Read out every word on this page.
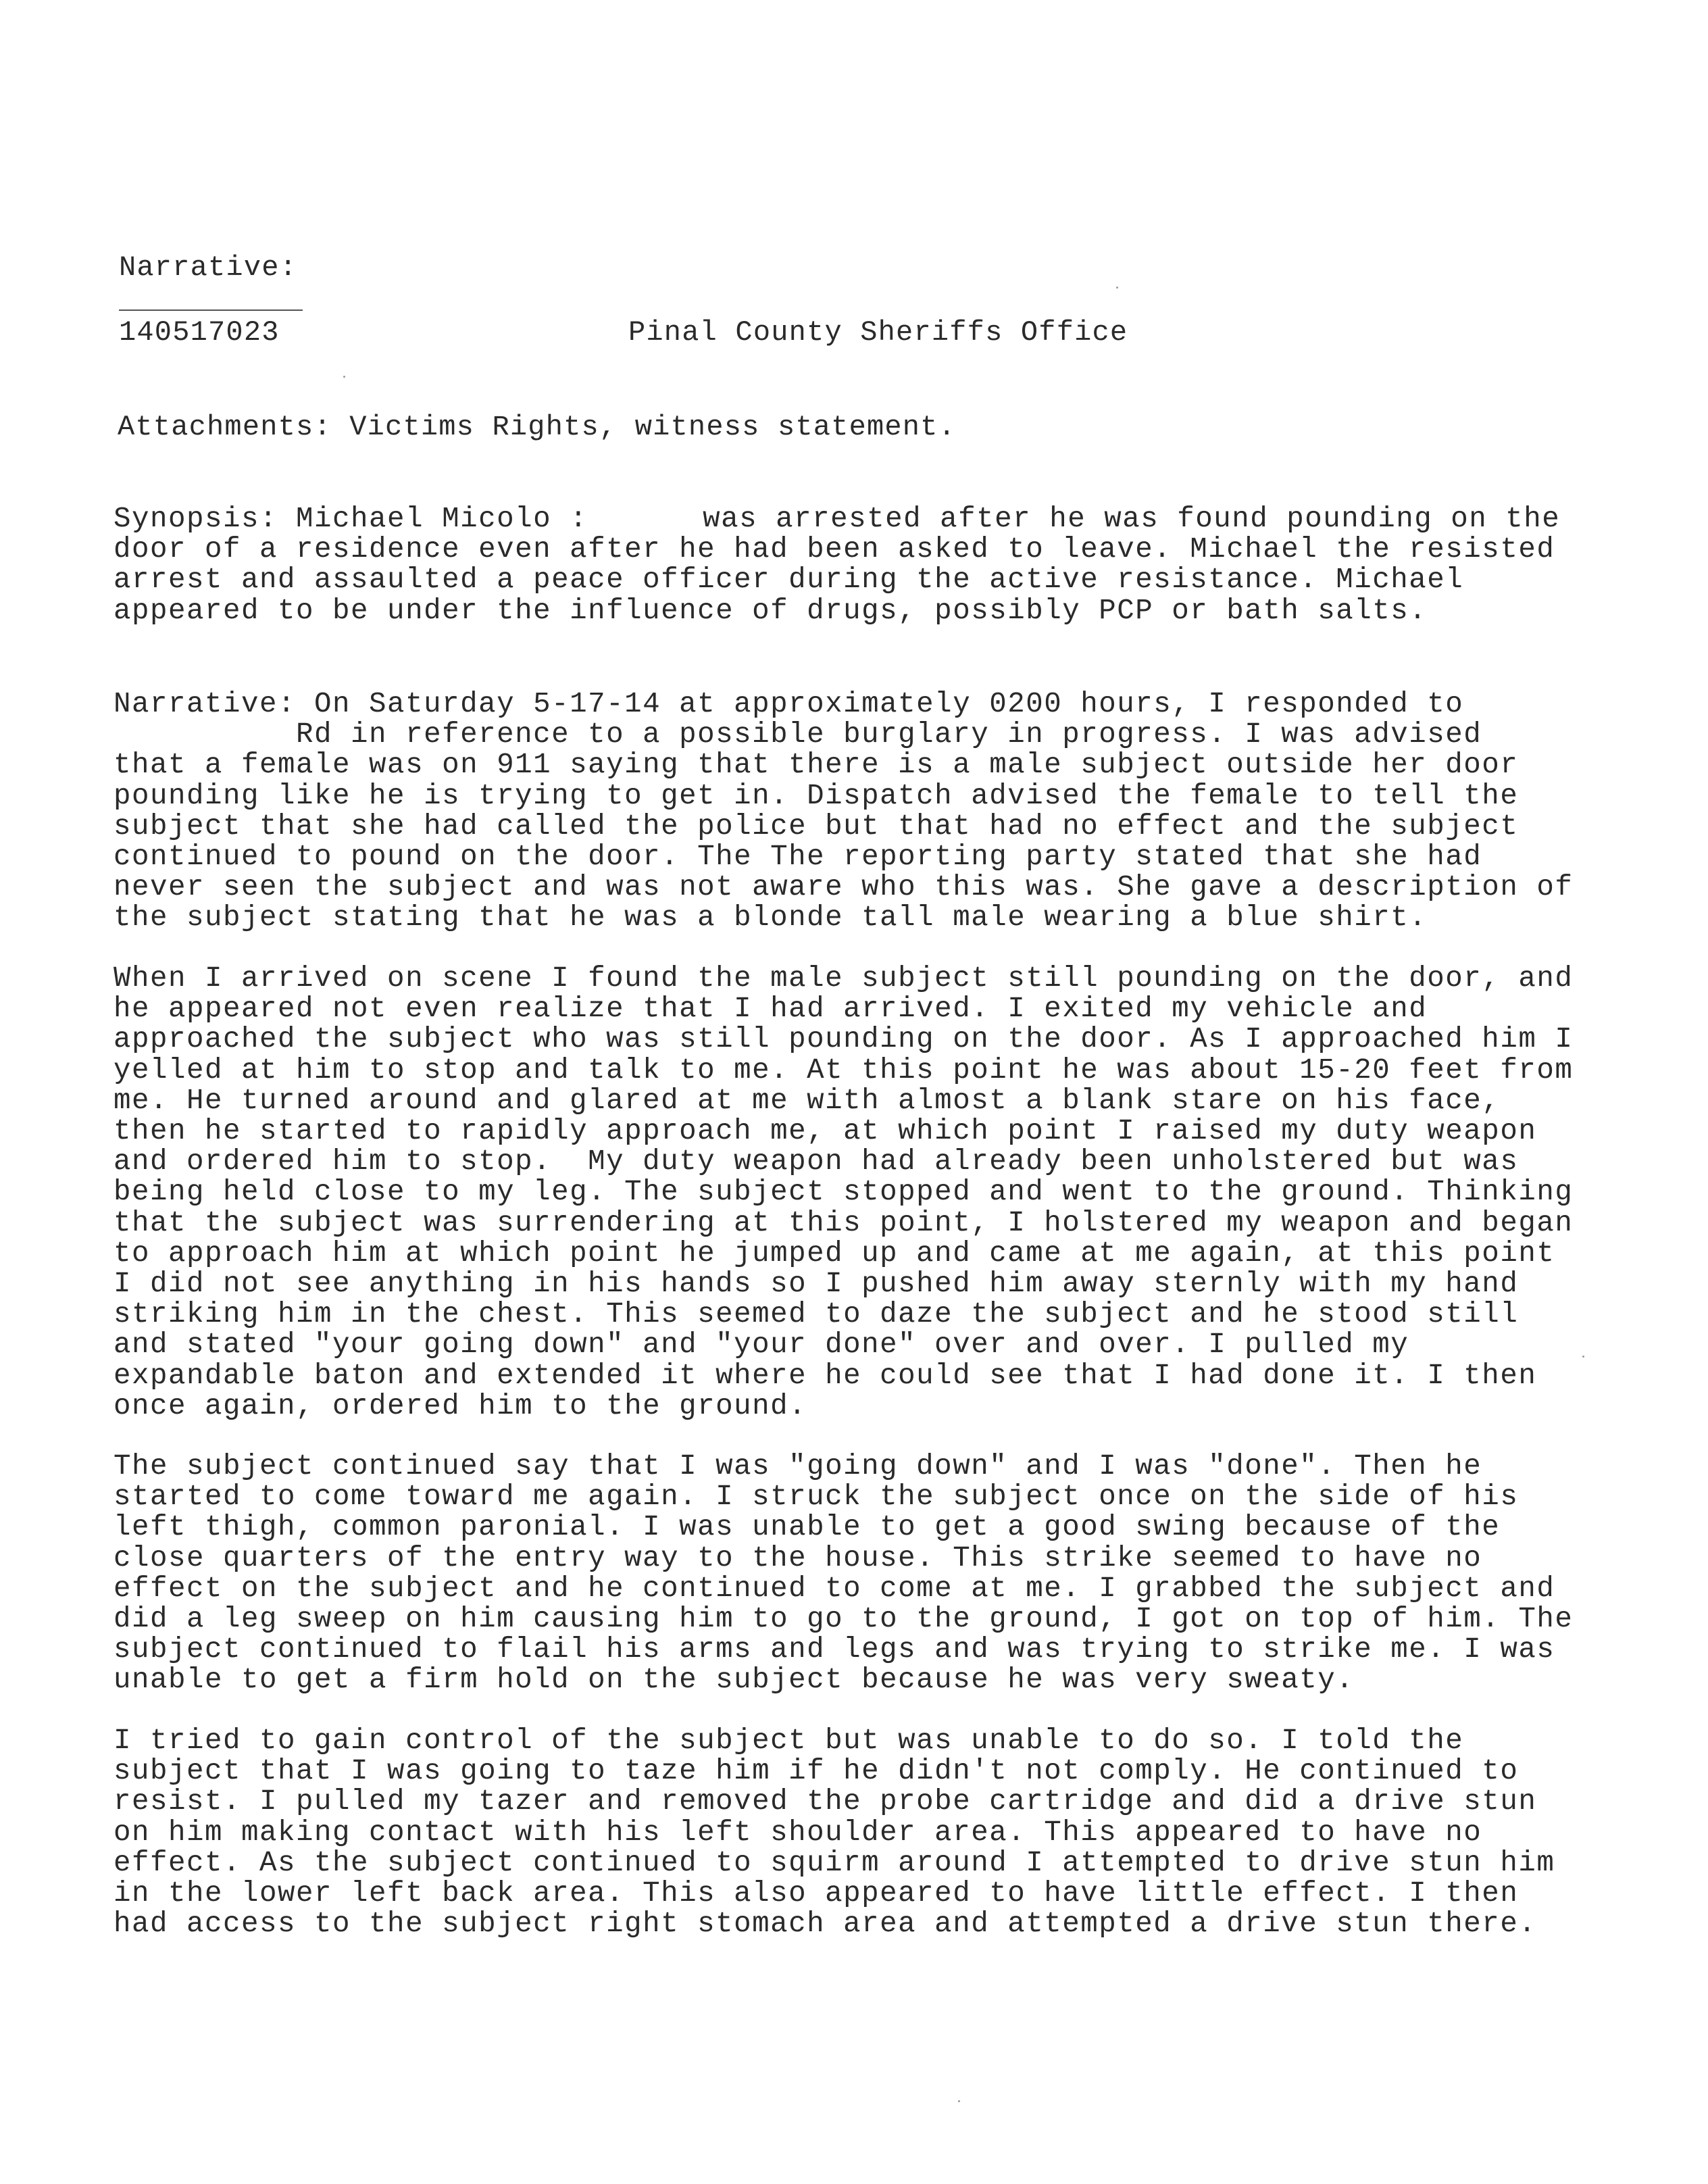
Narrative:
140517023	Pinal County Sheriffs Office
Attachments: Victims Rights, witness statement.
Synopsis: Michael Micolo :	was arrested after he was found pounding on the
door of a residence even after he had been asked to leave. Michael the resisted
arrest and assaulted a peace officer during the active resistance. Michael
appeared to be under the influence of drugs, possibly PCP or bath salts.
Narrative: On Saturday 5-17-14 at approximately 0200 hours, I responded to
Rd in reference to a possible burglary in progress. I was advised
that a female was on 911 saying that there is a male subject outside her door
pounding like he is trying to get in. Dispatch advised the female to tell the
subject that she had called the police but that had no effect and the subject
continued to pound on the door. The The reporting party stated that she had
never seen the subject and was not aware who this was. She gave a description of
the subject stating that he was a blonde tall male wearing a blue shirt.
When I arrived on scene I found the male subject still pounding on the door, and
he appeared not even realize that I had arrived. I exited my vehicle and
approached the subject who was still pounding on the door. As I approached him I
yelled at him to stop and talk to me. At this point he was about 15-20 feet from
me. He turned around and glared at me with almost a blank stare on his face,
then he started to rapidly approach me, at which point I raised my duty weapon
and ordered him to stop.  My duty weapon had already been unholstered but was
being held close to my leg. The subject stopped and went to the ground. Thinking
that the subject was surrendering at this point, I holstered my weapon and began
to approach him at which point he jumped up and came at me again, at this point
I did not see anything in his hands so I pushed him away sternly with my hand
striking him in the chest. This seemed to daze the subject and he stood still
and stated "your going down" and "your done" over and over. I pulled my
expandable baton and extended it where he could see that I had done it. I then
once again, ordered him to the ground.
The subject continued say that I was "going down" and I was "done". Then he
started to come toward me again. I struck the subject once on the side of his
left thigh, common paronial. I was unable to get a good swing because of the
close quarters of the entry way to the house. This strike seemed to have no
effect on the subject and he continued to come at me. I grabbed the subject and
did a leg sweep on him causing him to go to the ground, I got on top of him. The
subject continued to flail his arms and legs and was trying to strike me. I was
unable to get a firm hold on the subject because he was very sweaty.
I tried to gain control of the subject but was unable to do so. I told the
subject that I was going to taze him if he didn't not comply. He continued to
resist. I pulled my tazer and removed the probe cartridge and did a drive stun
on him making contact with his left shoulder area. This appeared to have no
effect. As the subject continued to squirm around I attempted to drive stun him
in the lower left back area. This also appeared to have little effect. I then
had access to the subject right stomach area and attempted a drive stun there.
